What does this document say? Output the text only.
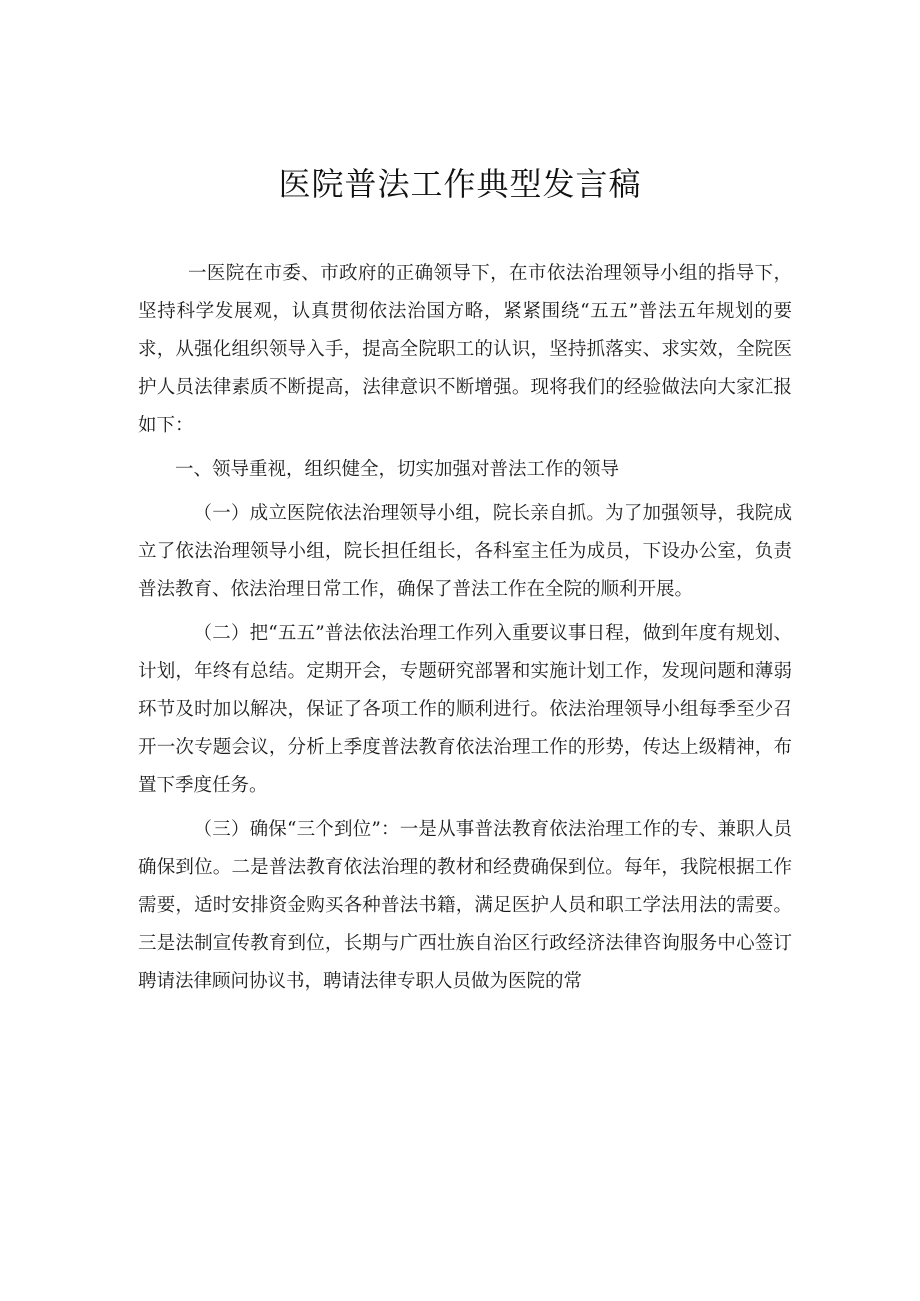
医院普法工作典型发言稿

一医院在市委、市政府的正确领导下，在市依法治理领导小组的指导下，坚持科学发展观，认真贯彻依法治国方略，紧紧围绕“五五”普法五年规划的要求，从强化组织领导入手，提高全院职工的认识，坚持抓落实、求实效，全院医护人员法律素质不断提高，法律意识不断增强。现将我们的经验做法向大家汇报如下：

一、领导重视，组织健全，切实加强对普法工作的领导

（一）成立医院依法治理领导小组，院长亲自抓。为了加强领导，我院成立了依法治理领导小组，院长担任组长，各科室主任为成员，下设办公室，负责普法教育、依法治理日常工作，确保了普法工作在全院的顺利开展。

（二）把“五五”普法依法治理工作列入重要议事日程，做到年度有规划、计划，年终有总结。定期开会，专题研究部署和实施计划工作，发现问题和薄弱环节及时加以解决，保证了各项工作的顺利进行。依法治理领导小组每季至少召开一次专题会议，分析上季度普法教育依法治理工作的形势，传达上级精神，布置下季度任务。

（三）确保“三个到位”：一是从事普法教育依法治理工作的专、兼职人员确保到位。二是普法教育依法治理的教材和经费确保到位。每年，我院根据工作需要，适时安排资金购买各种普法书籍，满足医护人员和职工学法用法的需要。三是法制宣传教育到位，长期与广西壮族自治区行政经济法律咨询服务中心签订聘请法律顾问协议书，聘请法律专职人员做为医院的常
